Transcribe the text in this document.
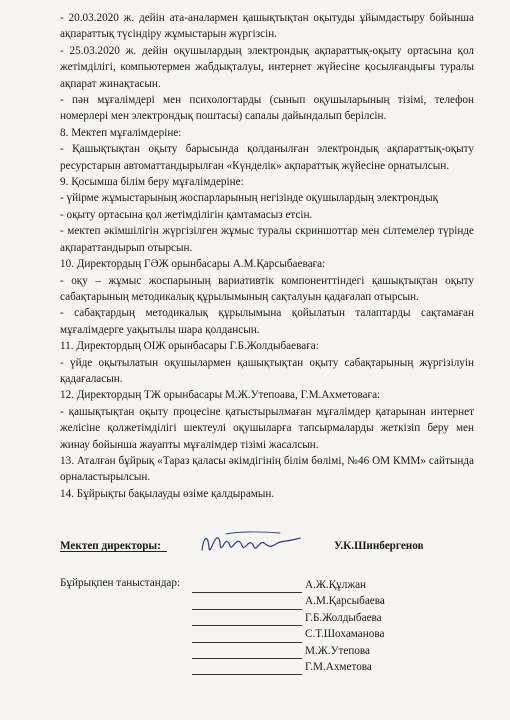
- 20.03.2020 ж. дейін ата-аналармен қашықтықтан оқытуды ұйымдастыру бойынша ақпараттық түсіндіру жұмыстарын жүргізсін.

- 25.03.2020 ж. дейін оқушылардың электрондық ақпараттық-оқыту ортасына қол жетімділігі, компьютермен жабдықталуы, интернет жүйесіне қосылғандығы туралы ақпарат жинақтасын.

- пән мұғалімдері мен психологтарды (сынып оқушыларының тізімі, телефон номерлері мен электрондық поштасы) сапалы дайындалып берілсін.

8. Мектеп мұғалімдеріне:

- Қашықтықтан оқыту барысында қолданылған электрондық ақпараттық-оқыту ресурстарын автоматтандырылған «Күнделік» ақпараттық жүйесіне орнатылсын.

9. Қосымша білім беру мұғалімдеріне:

- үйірме жұмыстарының жоспарларының негізінде оқушылардың электрондық

- оқыту ортасына қол жетімділігін қамтамасыз етсін.

- мектеп әкімшілігін жүргізілген жұмыс туралы скриншоттар мен сілтемелер түрінде ақпараттандырып отырсын.

10. Директордың ГӘЖ орынбасары А.М.Қарсыбаеваға:

- оқу – жұмыс жоспарының вариативтік компоненттіндегі қашықтықтан оқыту сабақтарының методикалық құрылымының сақталуын қадағалап отырсын.

- сабақтардың методикалық құрылымына қойылатын талаптарды сақтамаған мұғалімдерге уақытылы шара қолдансын.

11. Директордың ОІЖ орынбасары Г.Б.Жолдыбаеваға:

- үйде оқытылатын оқушылармен қашықтықтан оқыту сабақтарының жүргізілуін қадағаласын.

12. Директордың ТЖ орынбасары М.Ж.Утепоава, Г.М.Ахметоваға:

- қашықтықтан оқыту процесіне қатыстырылмаған мұғалімдер қатарынан интернет желісіне қолжетімділігі шектеулі оқушыларға тапсырмаларды жеткізіп беру мен жинау бойынша жауапты мұғалімдер тізімі жасалсын.

13. Аталған бұйрық «Тараз қаласы әкімдігінің білім бөлімі, №46 ОМ КММ» сайтында орналастырылсын.

14. Бұйрықты бақылауды өзіме қалдырамын.

Мектеп директоры:	У.К.Шинбергенов
Бұйрықпен таныстандар:	А.Ж.Құлжан
А.М.Қарсыбаева
Г.Б.Жолдыбаева
С.Т.Шохаманова
М.Ж.Утепова
Г.М.Ахметова
